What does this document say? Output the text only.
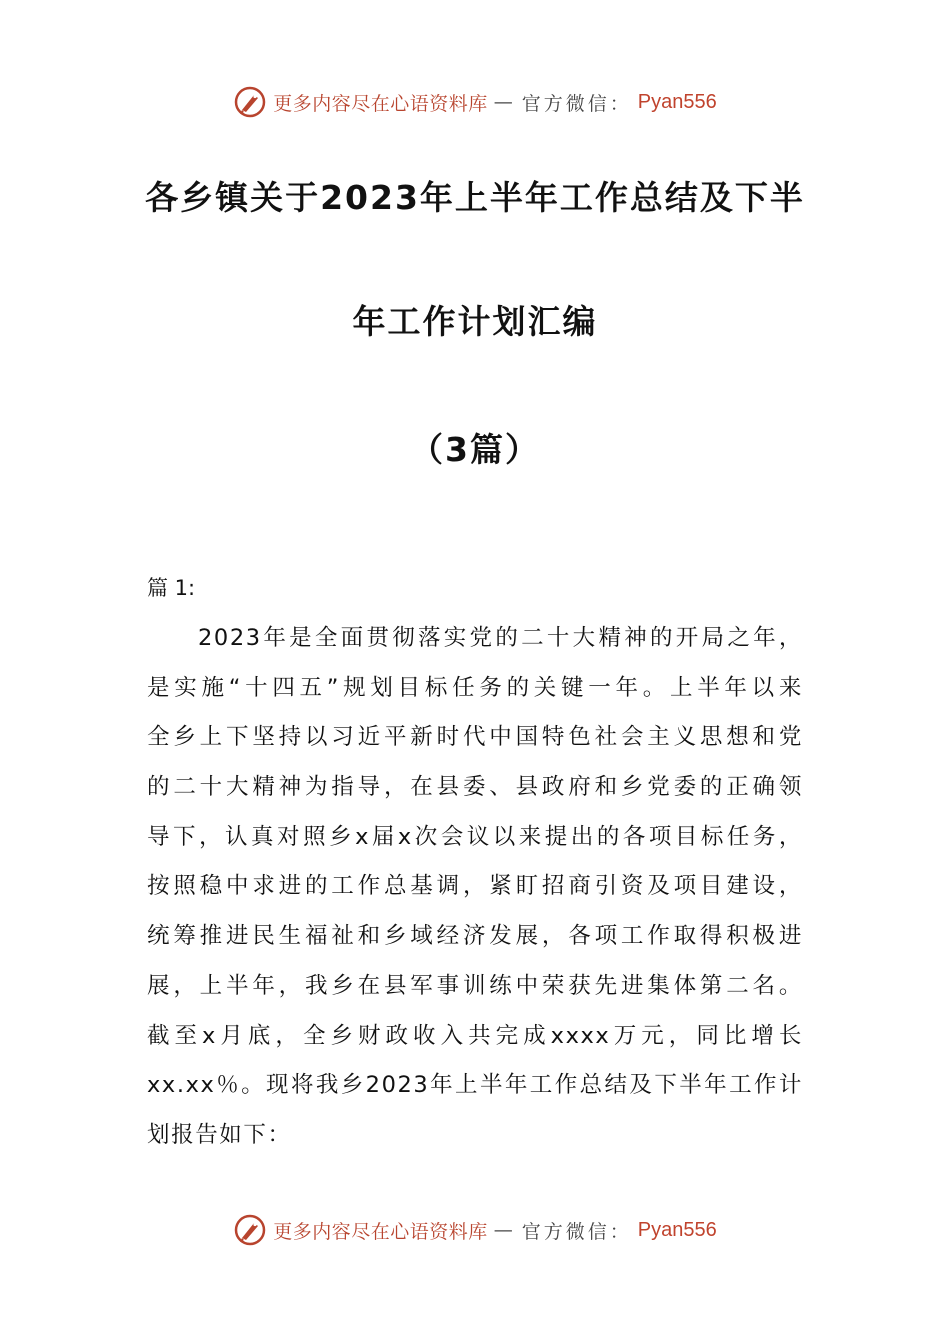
更多内容尽在心语资料库 — 官方微信： Pyan556
各乡镇关于2023年上半年工作总结及下半
年工作计划汇编
（3篇）
篇 1:
2023年是全面贯彻落实党的二十大精神的开局之年，
是实施“十四五”规划目标任务的关键一年。上半年以来
全乡上下坚持以习近平新时代中国特色社会主义思想和党
的二十大精神为指导，在县委、县政府和乡党委的正确领
导下，认真对照乡x届x次会议以来提出的各项目标任务，
按照稳中求进的工作总基调，紧盯招商引资及项目建设，
统筹推进民生福祉和乡域经济发展，各项工作取得积极进
展，上半年，我乡在县军事训练中荣获先进集体第二名。
截至x月底，全乡财政收入共完成xxxx万元，同比增长
xx.xx％。现将我乡2023年上半年工作总结及下半年工作计
划报告如下：
更多内容尽在心语资料库 — 官方微信： Pyan556
